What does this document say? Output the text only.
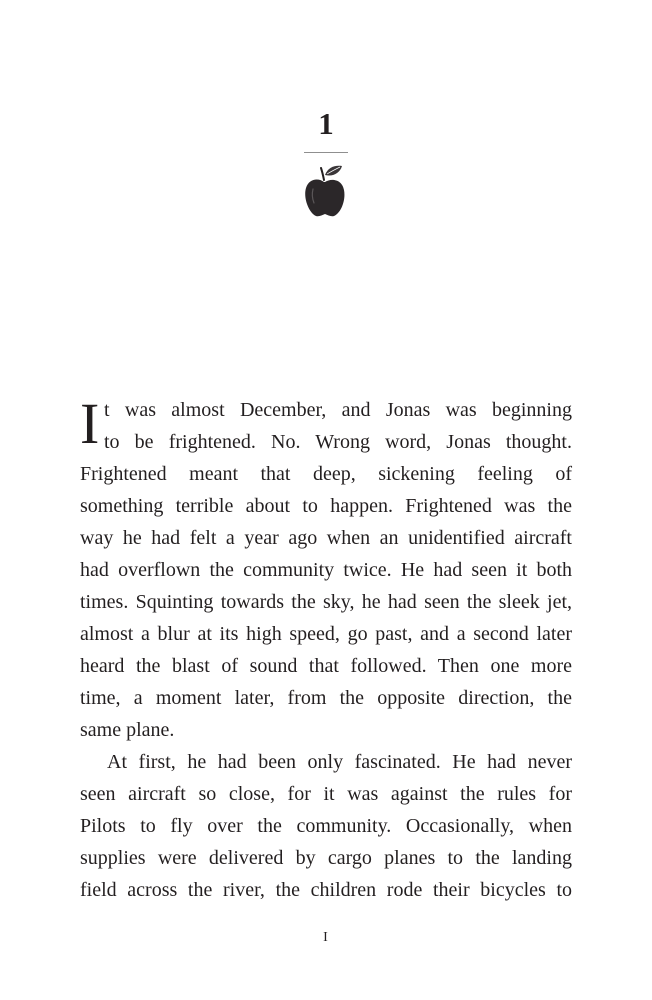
1

I t was almost December, and Jonas was beginning

to be frightened. No. Wrong word, Jonas thought.

Frightened meant that deep, sickening feeling of

something terrible about to happen. Frightened was the

way he had felt a year ago when an unidentified aircraft

had overflown the community twice. He had seen it both

times. Squinting towards the sky, he had seen the sleek jet,

almost a blur at its high speed, go past, and a second later

heard the blast of sound that followed. Then one more

time, a moment later, from the opposite direction, the

same plane.

At first, he had been only fascinated. He had never

seen aircraft so close, for it was against the rules for

Pilots to fly over the community. Occasionally, when

supplies were delivered by cargo planes to the landing

field across the river, the children rode their bicycles to

I
